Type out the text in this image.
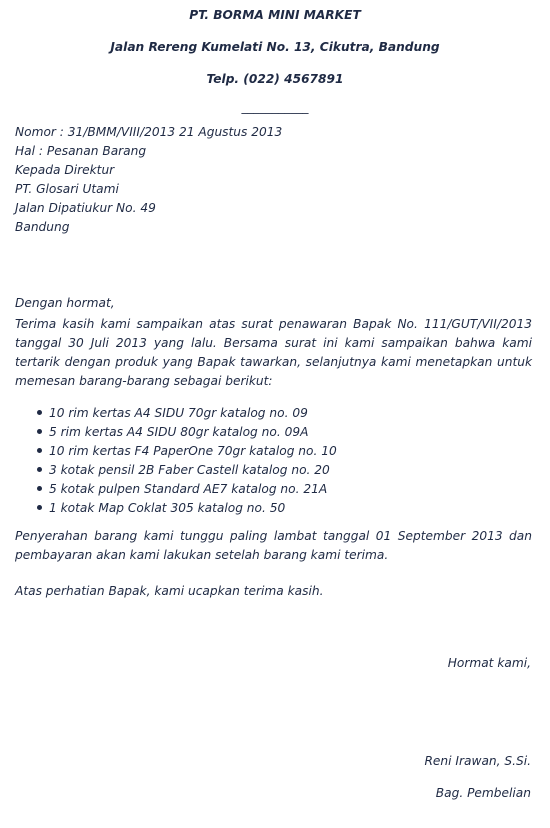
PT. BORMA MINI MARKET
Jalan Rereng Kumelati No. 13, Cikutra, Bandung
Telp. (022) 4567891
___________
Nomor : 31/BMM/VIII/2013 21 Agustus 2013
Hal : Pesanan Barang
Kepada Direktur
PT. Glosari Utami
Jalan Dipatiukur No. 49
Bandung
Dengan hormat,
Terima kasih kami sampaikan atas surat penawaran Bapak No. 111/GUT/VII/2013
tanggal 30 Juli 2013 yang lalu. Bersama surat ini kami sampaikan bahwa kami
tertarik dengan produk yang Bapak tawarkan, selanjutnya kami menetapkan untuk
memesan barang-barang sebagai berikut:
10 rim kertas A4 SIDU 70gr katalog no. 09
5 rim kertas A4 SIDU 80gr katalog no. 09A
10 rim kertas F4 PaperOne 70gr katalog no. 10
3 kotak pensil 2B Faber Castell katalog no. 20
5 kotak pulpen Standard AE7 katalog no. 21A
1 kotak Map Coklat 305 katalog no. 50
Penyerahan barang kami tunggu paling lambat tanggal 01 September 2013 dan
pembayaran akan kami lakukan setelah barang kami terima.
Atas perhatian Bapak, kami ucapkan terima kasih.
Hormat kami,
Reni Irawan, S.Si.
Bag. Pembelian
